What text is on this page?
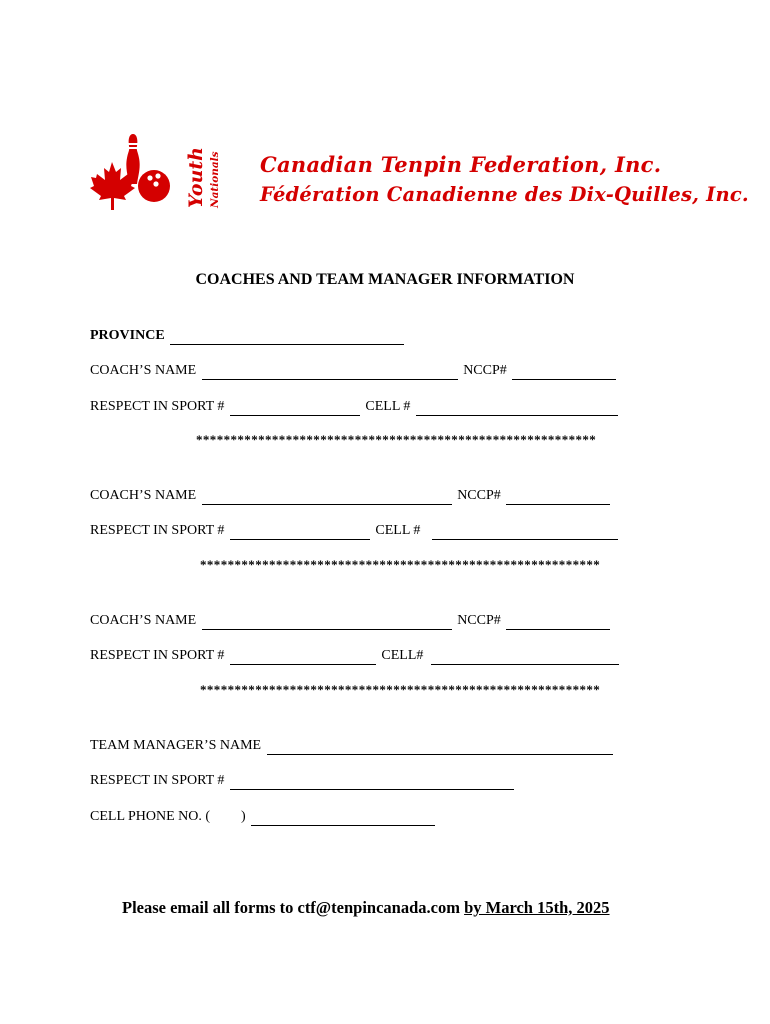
Youth Nationals Canadian Tenpin Federation, Inc.
Fédération Canadienne des Dix-Quilles, Inc.
COACHES AND TEAM MANAGER INFORMATION
PROVINCE
COACH’S NAME	NCCP#
RESPECT IN SPORT #	CELL #
**********************************************************
COACH’S NAME	NCCP#
RESPECT IN SPORT #	CELL #
**********************************************************
COACH’S NAME	NCCP#
RESPECT IN SPORT #	CELL#
**********************************************************
TEAM MANAGER’S NAME
RESPECT IN SPORT #
CELL PHONE NO. ( )
Please email all forms to ctf@tenpincanada.com by March 15th, 2025
